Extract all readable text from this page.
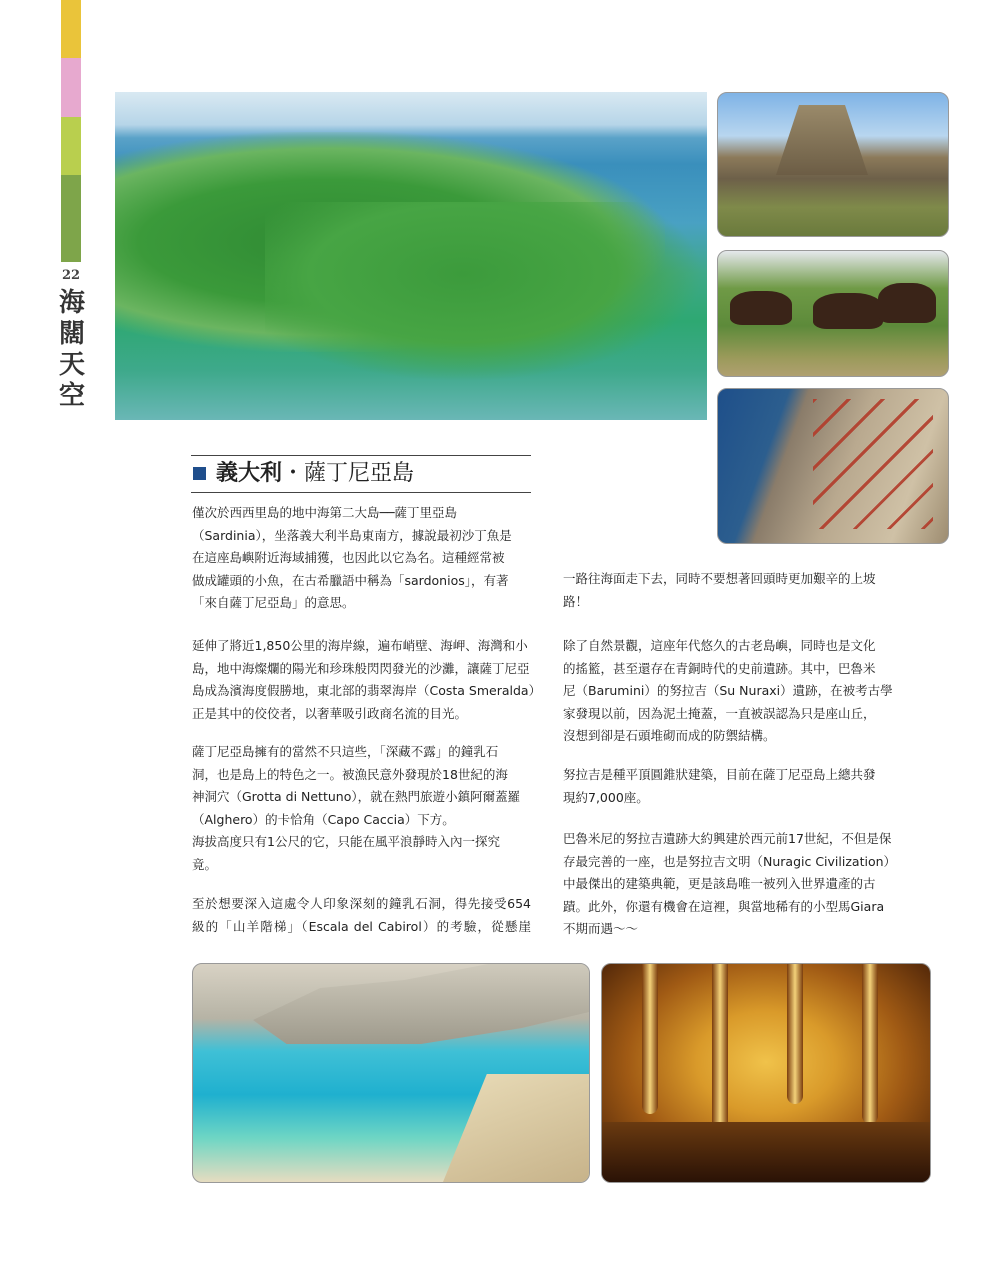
22
海
闊
天
空
義大利・薩丁尼亞島

僅次於西西里島的地中海第二大島──薩丁里亞島
（Sardinia），坐落義大利半島東南方，據說最初沙丁魚是
在這座島嶼附近海域捕獲，也因此以它為名。這種經常被
做成罐頭的小魚，在古希臘語中稱為「sardonios」，有著
「來自薩丁尼亞島」的意思。

延伸了將近1,850公里的海岸線，遍布峭壁、海岬、海灣和小
島，地中海燦爛的陽光和珍珠般閃閃發光的沙灘，讓薩丁尼亞
島成為濱海度假勝地，東北部的翡翠海岸（Costa Smeralda）
正是其中的佼佼者，以奢華吸引政商名流的目光。

薩丁尼亞島擁有的當然不只這些，「深藏不露」的鐘乳石
洞，也是島上的特色之一。被漁民意外發現於18世紀的海
神洞穴（Grotta di Nettuno），就在熱門旅遊小鎮阿爾蓋羅
（Alghero）的卡恰角（Capo Caccia）下方。
海拔高度只有1公尺的它，只能在風平浪靜時入內一探究
竟。

至於想要深入這處令人印象深刻的鐘乳石洞，得先接受654
級的「山羊階梯」（Escala del Cabirol）的考驗，從懸崖

一路往海面走下去，同時不要想著回頭時更加艱辛的上坡
路！

除了自然景觀，這座年代悠久的古老島嶼，同時也是文化
的搖籃，甚至還存在青銅時代的史前遺跡。其中，巴魯米
尼（Barumini）的努拉吉（Su Nuraxi）遺跡，在被考古學
家發現以前，因為泥土掩蓋，一直被誤認為只是座山丘，
沒想到卻是石頭堆砌而成的防禦結構。

努拉吉是種平頂圓錐狀建築，目前在薩丁尼亞島上總共發
現約7,000座。

巴魯米尼的努拉吉遺跡大約興建於西元前17世紀，不但是保
存最完善的一座，也是努拉吉文明（Nuragic Civilization）
中最傑出的建築典範，更是該島唯一被列入世界遺產的古
蹟。此外，你還有機會在這裡，與當地稀有的小型馬Giara
不期而遇～～
